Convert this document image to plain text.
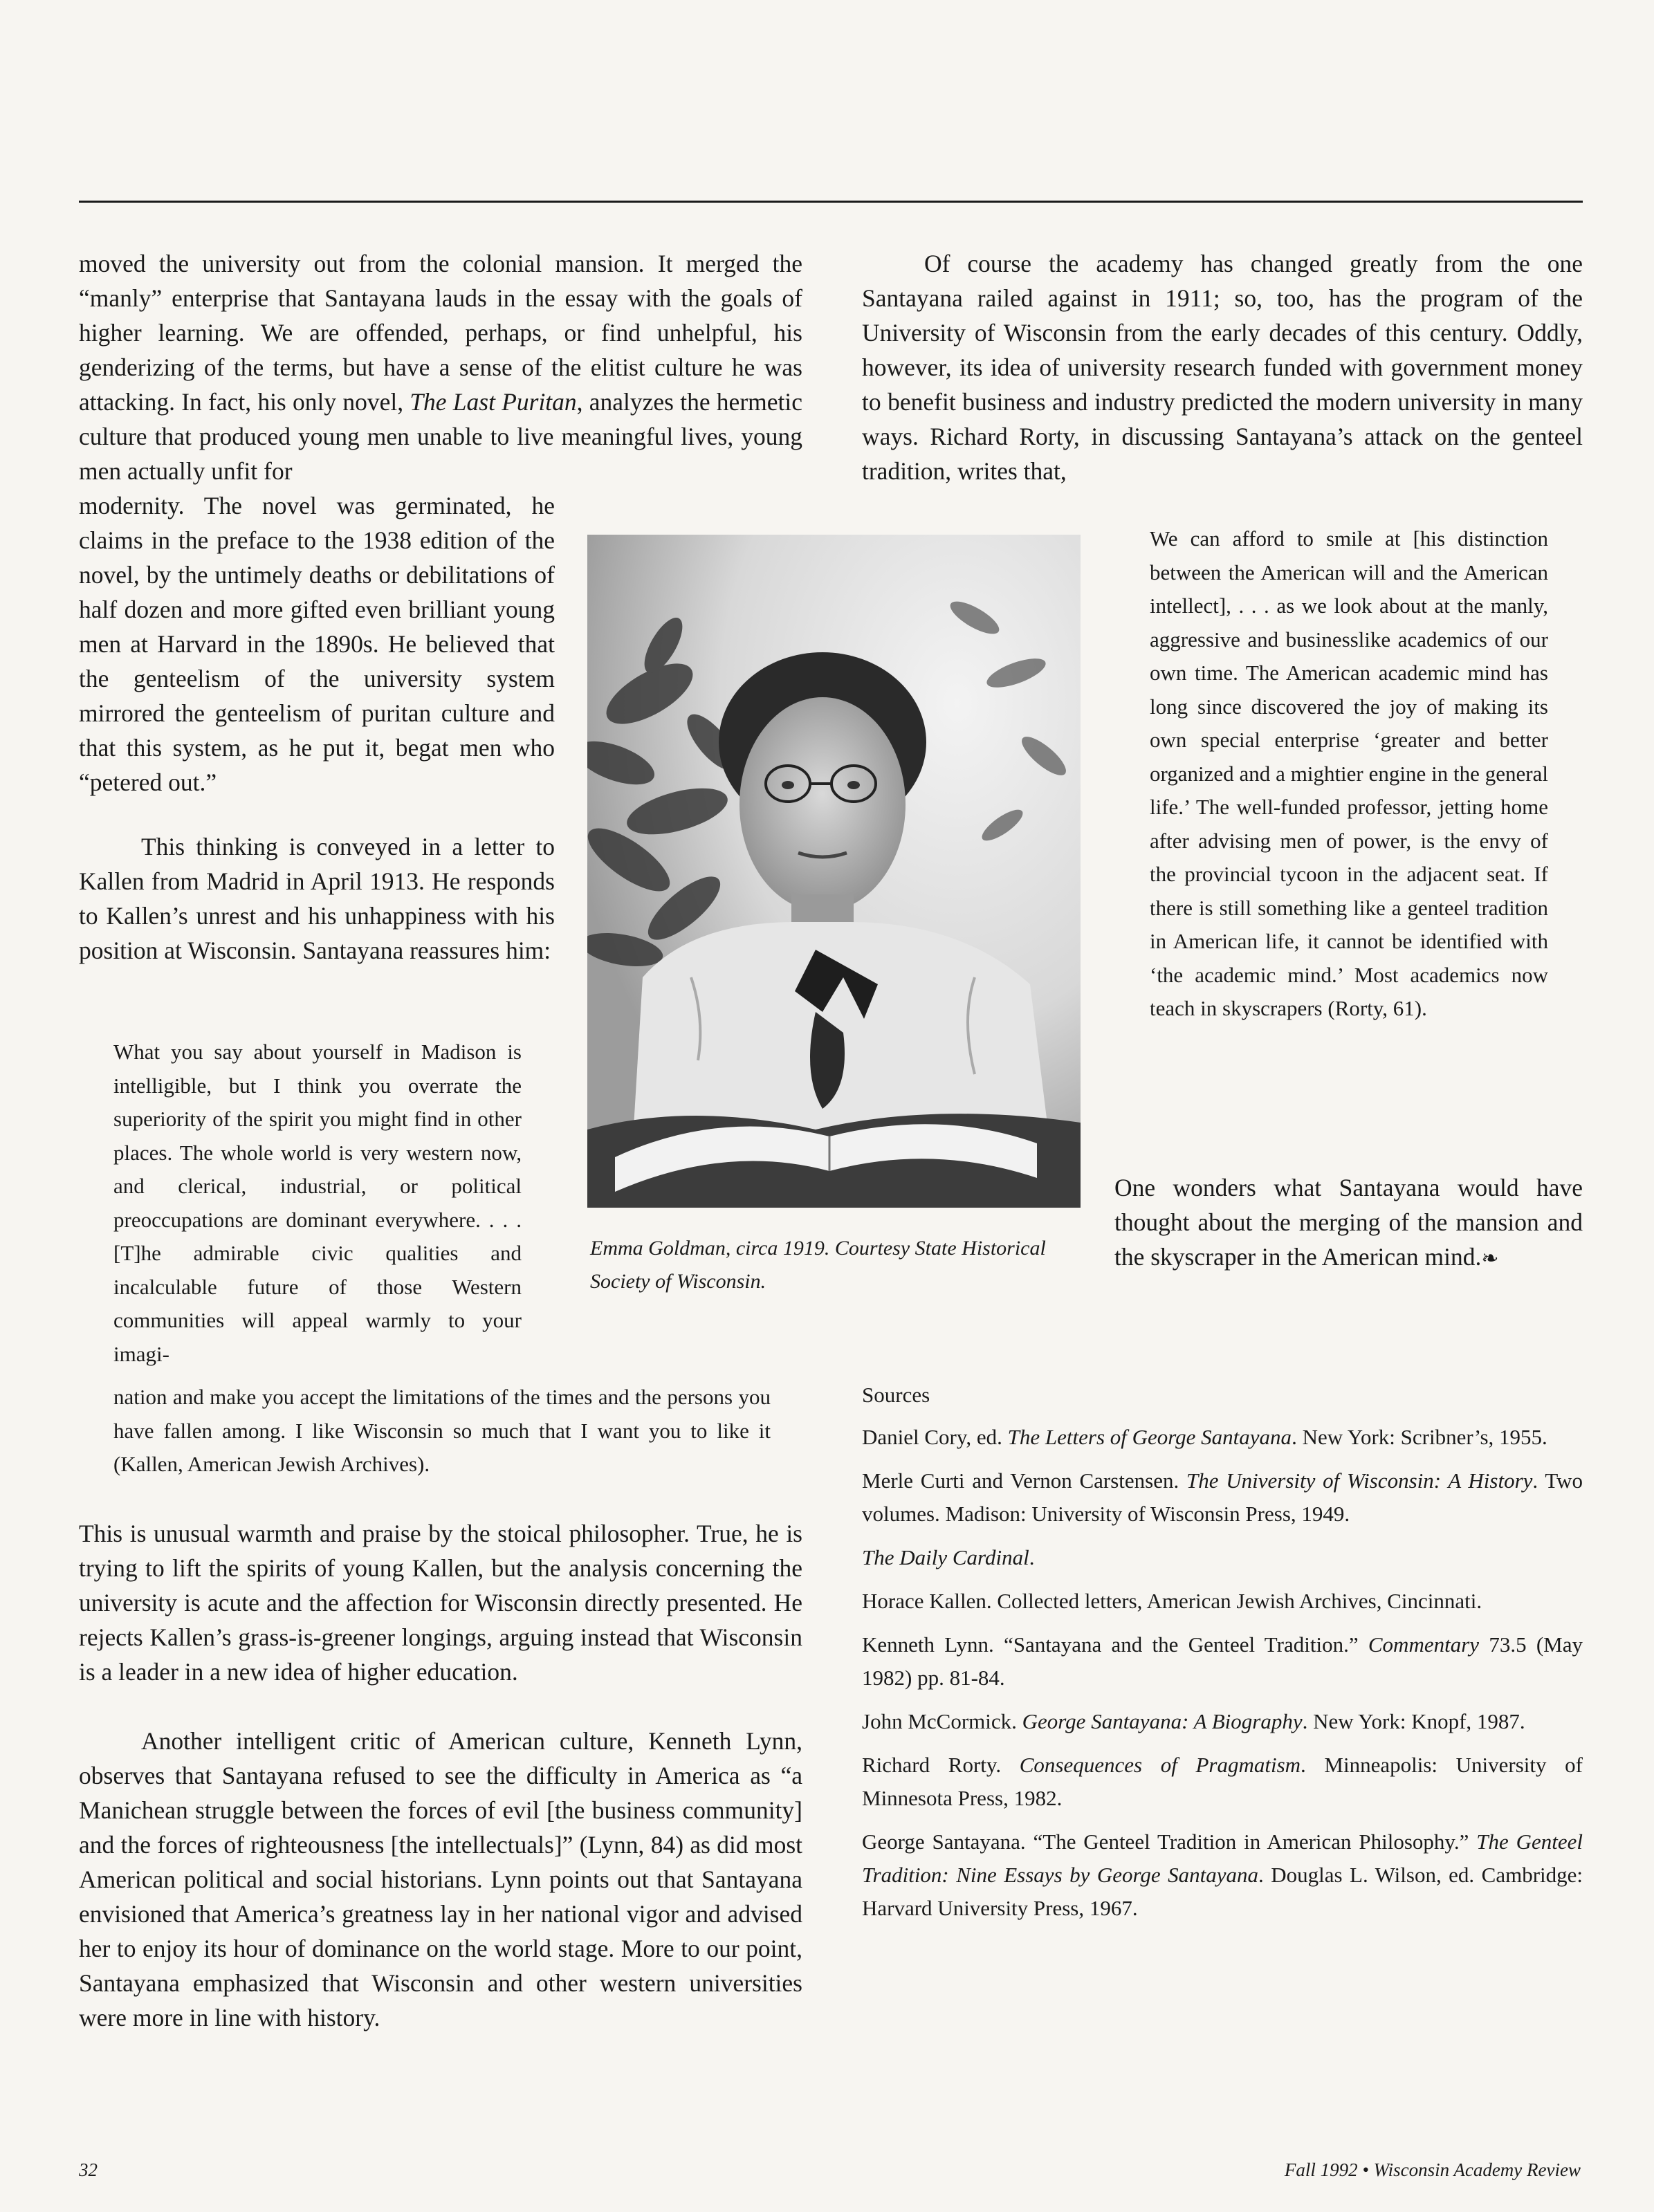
moved the university out from the colonial mansion. It merged the “manly” enterprise that Santayana lauds in the essay with the goals of higher learning. We are offended, perhaps, or find unhelpful, his genderizing of the terms, but have a sense of the elitist culture he was attacking. In fact, his only novel, The Last Puritan, analyzes the hermetic culture that produced young men unable to live meaningful lives, young men actually unfit for

modernity. The novel was germinated, he claims in the preface to the 1938 edition of the novel, by the untimely deaths or debilitations of half dozen and more gifted even brilliant young men at Harvard in the 1890s. He believed that the genteelism of the university system mirrored the genteelism of puritan culture and that this system, as he put it, begat men who “petered out.”

This thinking is conveyed in a letter to Kallen from Madrid in April 1913. He responds to Kallen’s unrest and his unhappiness with his position at Wisconsin. Santayana reassures him:

What you say about yourself in Madison is intelligible, but I think you overrate the superiority of the spirit you might find in other places. The whole world is very western now, and clerical, industrial, or political preoccupations are dominant everywhere. . . . [T]he admirable civic qualities and incalculable future of those Western communities will appeal warmly to your imagi-

nation and make you accept the limitations of the times and the persons you have fallen among. I like Wisconsin so much that I want you to like it (Kallen, American Jewish Archives).

This is unusual warmth and praise by the stoical philosopher. True, he is trying to lift the spirits of young Kallen, but the analysis concerning the university is acute and the affection for Wisconsin directly presented. He rejects Kallen’s grass-is-greener longings, arguing instead that Wisconsin is a leader in a new idea of higher education.

Another intelligent critic of American culture, Kenneth Lynn, observes that Santayana refused to see the difficulty in America as “a Manichean struggle between the forces of evil [the business community] and the forces of righteousness [the intellectuals]” (Lynn, 84) as did most American political and social historians. Lynn points out that Santayana envisioned that America’s greatness lay in her national vigor and advised her to enjoy its hour of dominance on the world stage. More to our point, Santayana emphasized that Wisconsin and other western universities were more in line with history.

Emma Goldman, circa 1919. Courtesy State Historical Society of Wisconsin.

Of course the academy has changed greatly from the one Santayana railed against in 1911; so, too, has the program of the University of Wisconsin from the early decades of this century. Oddly, however, its idea of university research funded with government money to benefit business and industry predicted the modern university in many ways. Richard Rorty, in discussing Santayana’s attack on the genteel tradition, writes that,

We can afford to smile at [his distinction between the American will and the American intellect], . . . as we look about at the manly, aggressive and businesslike academics of our own time. The American academic mind has long since discovered the joy of making its own special enterprise ‘greater and better organized and a mightier engine in the general life.’ The well-funded professor, jetting home after advising men of power, is the envy of the provincial tycoon in the adjacent seat. If there is still something like a genteel tradition in American life, it cannot be identified with ‘the academic mind.’ Most academics now teach in skyscrapers (Rorty, 61).

One wonders what Santayana would have thought about the merging of the mansion and the skyscraper in the American mind.❧

Sources

Daniel Cory, ed. The Letters of George Santayana. New York: Scribner’s, 1955.

Merle Curti and Vernon Carstensen. The University of Wisconsin: A History. Two volumes. Madison: University of Wisconsin Press, 1949.

The Daily Cardinal.

Horace Kallen. Collected letters, American Jewish Archives, Cincinnati.

Kenneth Lynn. “Santayana and the Genteel Tradition.” Commentary 73.5 (May 1982) pp. 81-84.

John McCormick. George Santayana: A Biography. New York: Knopf, 1987.

Richard Rorty. Consequences of Pragmatism. Minneapolis: University of Minnesota Press, 1982.

George Santayana. “The Genteel Tradition in American Philosophy.” The Genteel Tradition: Nine Essays by George Santayana. Douglas L. Wilson, ed. Cambridge: Harvard University Press, 1967.

32	Fall 1992 • Wisconsin Academy Review
